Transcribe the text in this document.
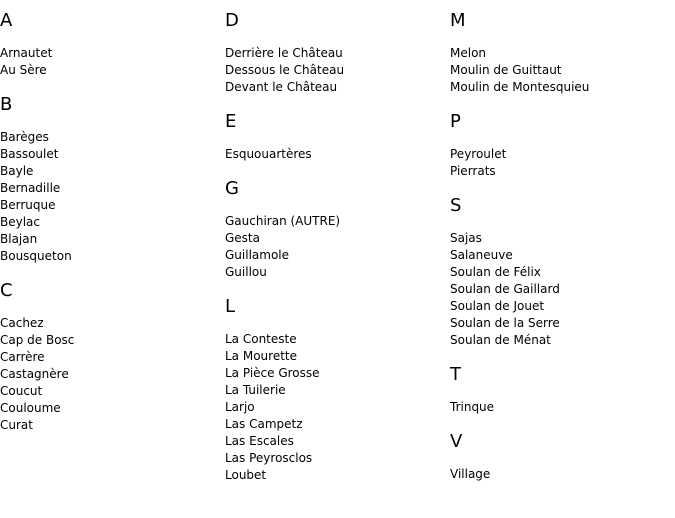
A
Arnautet
Au Sère
B
Barèges
Bassoulet
Bayle
Bernadille
Berruque
Beylac
Blajan
Bousqueton
C
Cachez
Cap de Bosc
Carrère
Castagnère
Coucut
Couloume
Curat
D
Derrière le Château
Dessous le Château
Devant le Château
E
Esquouartères
G
Gauchiran (AUTRE)
Gesta
Guillamole
Guillou
L
La Conteste
La Mourette
La Pièce Grosse
La Tuilerie
Larjo
Las Campetz
Las Escales
Las Peyrosclos
Loubet
M
Melon
Moulin de Guittaut
Moulin de Montesquieu
P
Peyroulet
Pierrats
S
Sajas
Salaneuve
Soulan de Félix
Soulan de Gaillard
Soulan de Jouet
Soulan de la Serre
Soulan de Ménat
T
Trinque
V
Village
